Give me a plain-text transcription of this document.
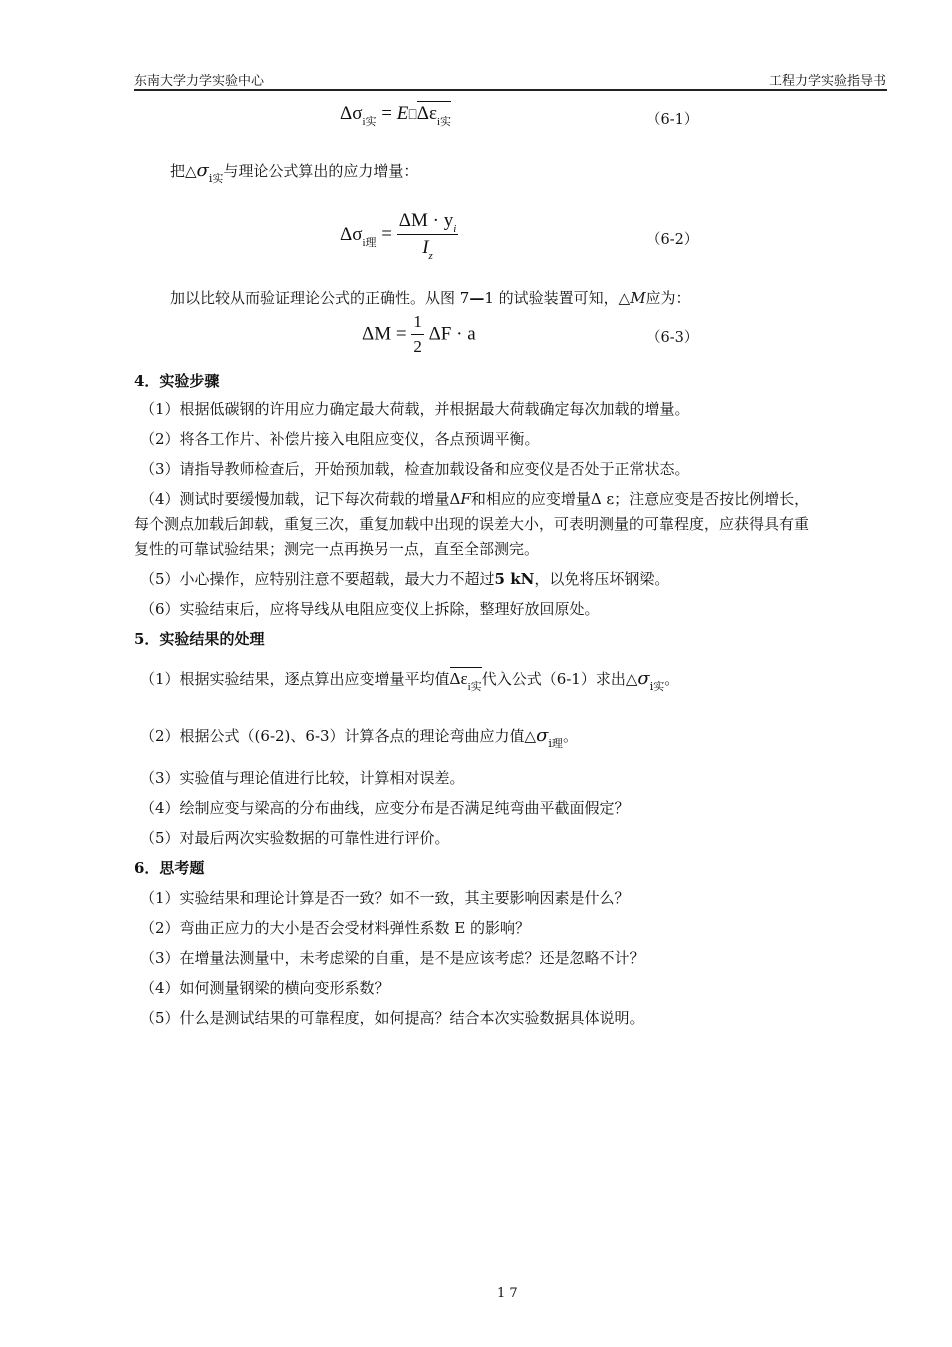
东南大学力学实验中心	工程力学实验指导书
$\Delta\sigma_{i实}$ = $E⎕\Delta\varepsilon_{i实}$	（6-1）
把$\triangle\sigma_{i实}$与理论公式算出的应力增量：
$\Delta\sigma_{i理} = \frac{\Delta M \cdot y_i}{I_z}$	（6-2）
加以比较从而验证理论公式的正确性。从图 7—1 的试验装置可知，△M应为：
$\Delta M = \frac{1}{2}$ ΔF · a	（6-3）
4．实验步骤
（1）根据低碳钢的许用应力确定最大荷载，并根据最大荷载确定每次加载的增量。
（2）将各工作片、补偿片接入电阻应变仪，各点预调平衡。
（3）请指导教师检查后，开始预加载，检查加载设备和应变仪是否处于正常状态。
（4）测试时要缓慢加载，记下每次荷载的增量ΔF和相应的应变增量Δ ε；注意应变是否按比例增长，
每个测点加载后卸载，重复三次，重复加载中出现的误差大小，可表明测量的可靠程度，应获得具有重
复性的可靠试验结果；测完一点再换另一点，直至全部测完。
（5）小心操作，应特别注意不要超载，最大力不超过5 kN，以免将压坏钢梁。
（6）实验结束后，应将导线从电阻应变仪上拆除，整理好放回原处。
5．实验结果的处理
（1）根据实验结果，逐点算出应变增量平均值$\Delta\varepsilon_{i实}$代入公式（6-1）求出$\triangle\sigma_{i实}$。
（2）根据公式（(6-2)、6-3）计算各点的理论弯曲应力值$\triangle\sigma_{i理}$。
（3）实验值与理论值进行比较，计算相对误差。
（4）绘制应变与梁高的分布曲线，应变分布是否满足纯弯曲平截面假定？
（5）对最后两次实验数据的可靠性进行评价。
6．思考题
（1）实验结果和理论计算是否一致？如不一致，其主要影响因素是什么？
（2）弯曲正应力的大小是否会受材料弹性系数 E 的影响？
（3）在增量法测量中，未考虑梁的自重，是不是应该考虑？还是忽略不计？
（4）如何测量钢梁的横向变形系数？
（5）什么是测试结果的可靠程度，如何提高？结合本次实验数据具体说明。
1 7
